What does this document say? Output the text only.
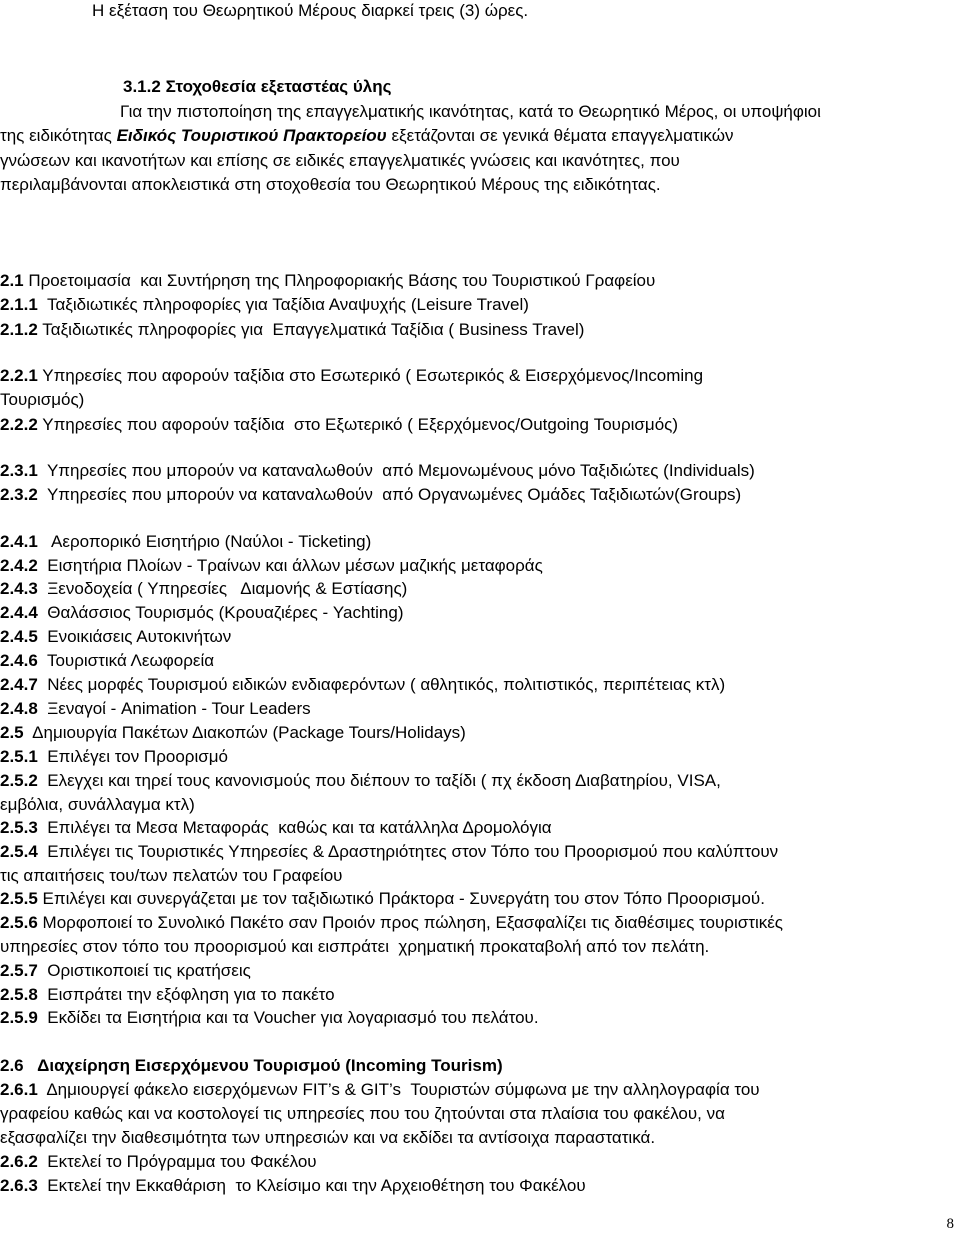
Η εξέταση του Θεωρητικού Μέρους διαρκεί τρεις (3) ώρες.
3.1.2 Στοχοθεσία εξεταστέας ύλης
Για την πιστοποίηση της επαγγελματικής ικανότητας, κατά το Θεωρητικό Μέρος, οι υποψήφιοι
της ειδικότητας Ειδικός Τουριστικού Πρακτορείου εξετάζονται σε γενικά θέματα επαγγελματικών
γνώσεων και ικανοτήτων και επίσης σε ειδικές επαγγελματικές γνώσεις και ικανότητες, που
περιλαμβάνονται αποκλειστικά στη στοχοθεσία του Θεωρητικού Μέρους της ειδικότητας.
2.1 Προετοιμασία  και Συντήρηση της Πληροφοριακής Βάσης του Τουριστικού Γραφείου
2.1.1  Ταξιδιωτικές πληροφορίες για Ταξίδια Αναψυχής (Leisure Travel)
2.1.2 Ταξιδιωτικές πληροφορίες για  Επαγγελματικά Ταξίδια ( Business Travel)
2.2.1 Υπηρεσίες που αφορούν ταξίδια στο Εσωτερικό ( Εσωτερικός & Εισερχόμενος/Incoming
Τουρισμός)
2.2.2 Υπηρεσίες που αφορούν ταξίδια  στο Εξωτερικό ( Εξερχόμενος/Outgoing Τουρισμός)
2.3.1  Υπηρεσίες που μπορούν να καταναλωθούν  από Μεμονωμένους μόνο Ταξιδιώτες (Individuals)
2.3.2  Υπηρεσίες που μπορούν να καταναλωθούν  από Οργανωμένες Ομάδες Ταξιδιωτών(Groups)
2.4.1   Αεροπορικό Εισητήριο (Ναύλοι - Ticketing)
2.4.2  Εισητήρια Πλοίων - Τραίνων και άλλων μέσων μαζικής μεταφοράς
2.4.3  Ξενοδοχεία ( Υπηρεσίες   Διαμονής & Εστίασης)
2.4.4  Θαλάσσιος Τουρισμός (Κρουαζιέρες - Yachting)
2.4.5  Ενοικιάσεις Αυτοκινήτων
2.4.6  Τουριστικά Λεωφορεία
2.4.7  Νέες μορφές Τουρισμού ειδικών ενδιαφερόντων ( αθλητικός, πολιτιστικός, περιπέτειας κτλ)
2.4.8  Ξεναγοί - Animation - Tour Leaders
2.5  Δημιουργία Πακέτων Διακοπών (Package Tours/Holidays)
2.5.1  Επιλέγει τον Προορισμό
2.5.2  Ελεγχει και τηρεί τους κανονισμούς που διέπουν το ταξίδι ( πχ έκδοση Διαβατηρίου, VISA,
εμβόλια, συνάλλαγμα κτλ)
2.5.3  Επιλέγει τα Μεσα Μεταφοράς  καθώς και τα κατάλληλα Δρομολόγια
2.5.4  Επιλέγει τις Τουριστικές Υπηρεσίες & Δραστηριότητες στον Τόπο του Προορισμού που καλύπτουν
τις απαιτήσεις του/των πελατών του Γραφείου
2.5.5 Επιλέγει και συνεργάζεται με τον ταξιδιωτικό Πράκτορα - Συνεργάτη του στον Τόπο Προορισμού.
2.5.6 Μορφοποιεί το Συνολικό Πακέτο σαν Προιόν προς πώληση, Εξασφαλίζει τις διαθέσιμες τουριστικές
υπηρεσίες στον τόπο του προορισμού και εισπράτει  χρηματική προκαταβολή από τον πελάτη.
2.5.7  Οριστικοποιεί τις κρατήσεις
2.5.8  Εισπράτει την εξόφληση για το πακέτο
2.5.9  Εκδίδει τα Εισητήρια και τα Voucher για λογαριασμό του πελάτου.
2.6   Διαχείρηση Εισερχόμενου Τουρισμού (Incoming Tourism)
2.6.1  Δημιουργεί φάκελο εισερχόμενων FIT’s & GIT’s  Τουριστών σύμφωνα με την αλληλογραφία του
γραφείου καθώς και να κοστολογεί τις υπηρεσίες που του ζητούνται στα πλαίσια του φακέλου, να
εξασφαλίζει την διαθεσιμότητα των υπηρεσιών και να εκδίδει τα αντίσοιχα παραστατικά.
2.6.2  Εκτελεί το Πρόγραμμα του Φακέλου
2.6.3  Εκτελεί την Εκκαθάριση  το Κλείσιμο και την Αρχειοθέτηση του Φακέλου
8
